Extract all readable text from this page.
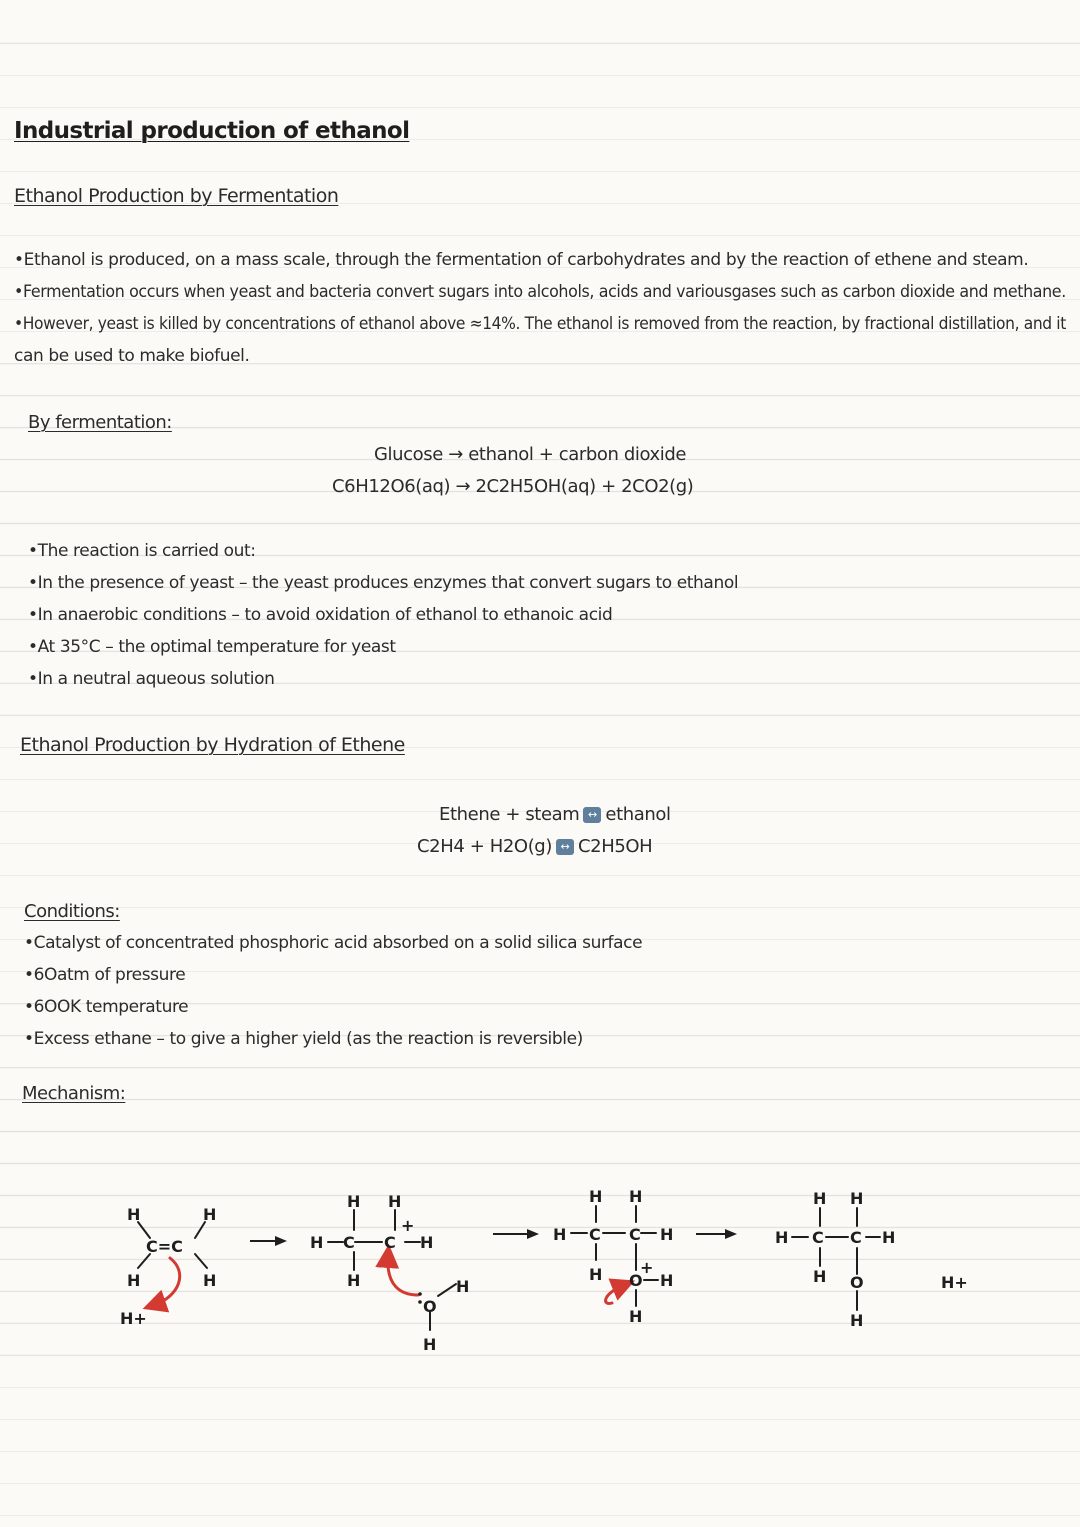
Industrial production of ethanol
Ethanol Production by Fermentation
•Ethanol is produced, on a mass scale, through the fermentation of carbohydrates and by the reaction of ethene and steam.
•Fermentation occurs when yeast and bacteria convert sugars into alcohols, acids and variousgases such as carbon dioxide and methane.
•However, yeast is killed by concentrations of ethanol above ≈14%. The ethanol is removed from the reaction, by fractional distillation, and it
can be used to make biofuel.
By fermentation:
Glucose → ethanol + carbon dioxide
C6H12O6(aq) → 2C2H5OH(aq) + 2CO2(g)
•The reaction is carried out:
•In the presence of yeast – the yeast produces enzymes that convert sugars to ethanol
•In anaerobic conditions – to avoid oxidation of ethanol to ethanoic acid
•At 35°C – the optimal temperature for yeast
•In a neutral aqueous solution
Ethanol Production by Hydration of Ethene
Ethene + steam ↔ ethanol
C2H4 + H2O(g) ↔ C2H5OH
Conditions:
•Catalyst of concentrated phosphoric acid absorbed on a solid silica surface
•6Oatm of pressure
•6OOK temperature
•Excess ethane – to give a higher yield (as the reaction is reversible)
Mechanism:
H	H
C=C
H	H
H+
H H
H C C
+
H
H
O
H
H
H H
H C C H
H O
+
H
H
H H
H C C H
H O
H
H+
